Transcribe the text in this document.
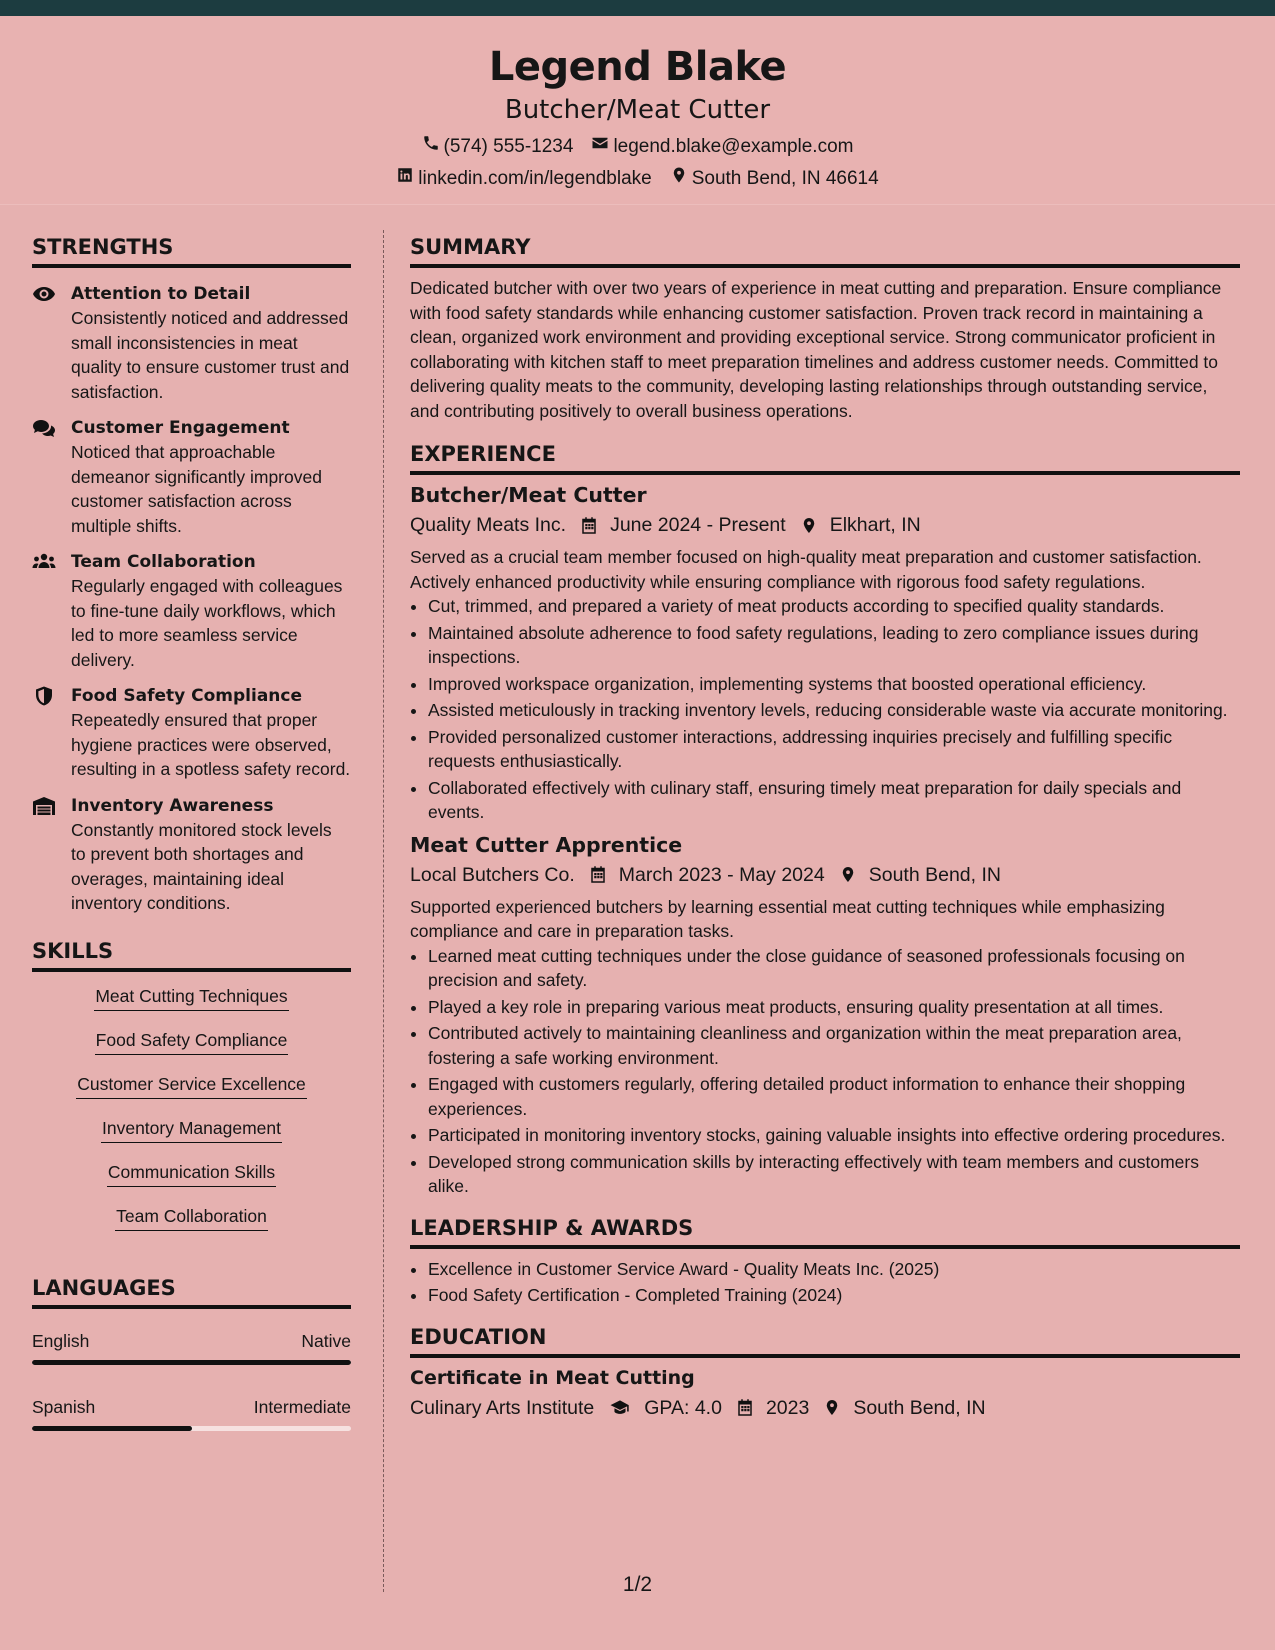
Legend Blake
Butcher/Meat Cutter
(574) 555-1234 legend.blake@example.com
linkedin.com/in/legendblake South Bend, IN 46614
STRENGTHS
Attention to Detail
Consistently noticed and addressed small inconsistencies in meat quality to ensure customer trust and satisfaction.
Customer Engagement
Noticed that approachable demeanor significantly improved customer satisfaction across multiple shifts.
Team Collaboration
Regularly engaged with colleagues to fine-tune daily workflows, which led to more seamless service delivery.
Food Safety Compliance
Repeatedly ensured that proper hygiene practices were observed, resulting in a spotless safety record.
Inventory Awareness
Constantly monitored stock levels to prevent both shortages and overages, maintaining ideal inventory conditions.
SKILLS
Meat Cutting Techniques
Food Safety Compliance
Customer Service Excellence
Inventory Management
Communication Skills
Team Collaboration
LANGUAGES
English	Native
Spanish	Intermediate
SUMMARY

Dedicated butcher with over two years of experience in meat cutting and preparation. Ensure compliance with food safety standards while enhancing customer satisfaction. Proven track record in maintaining a clean, organized work environment and providing exceptional service. Strong communicator proficient in collaborating with kitchen staff to meet preparation timelines and address customer needs. Committed to delivering quality meats to the community, developing lasting relationships through outstanding service, and contributing positively to overall business operations.

EXPERIENCE
Butcher/Meat Cutter
Quality Meats Inc. June 2024 - Present Elkhart, IN

Served as a crucial team member focused on high-quality meat preparation and customer satisfaction. Actively enhanced productivity while ensuring compliance with rigorous food safety regulations.

• Cut, trimmed, and prepared a variety of meat products according to specified quality standards.
• Maintained absolute adherence to food safety regulations, leading to zero compliance issues during inspections.
• Improved workspace organization, implementing systems that boosted operational efficiency.
• Assisted meticulously in tracking inventory levels, reducing considerable waste via accurate monitoring.
• Provided personalized customer interactions, addressing inquiries precisely and fulfilling specific requests enthusiastically.
• Collaborated effectively with culinary staff, ensuring timely meat preparation for daily specials and events.
Meat Cutter Apprentice
Local Butchers Co. March 2023 - May 2024 South Bend, IN

Supported experienced butchers by learning essential meat cutting techniques while emphasizing compliance and care in preparation tasks.

• Learned meat cutting techniques under the close guidance of seasoned professionals focusing on precision and safety.
• Played a key role in preparing various meat products, ensuring quality presentation at all times.
• Contributed actively to maintaining cleanliness and organization within the meat preparation area, fostering a safe working environment.
• Engaged with customers regularly, offering detailed product information to enhance their shopping experiences.
• Participated in monitoring inventory stocks, gaining valuable insights into effective ordering procedures.
• Developed strong communication skills by interacting effectively with team members and customers alike.
LEADERSHIP & AWARDS
• Excellence in Customer Service Award - Quality Meats Inc. (2025)
• Food Safety Certification - Completed Training (2024)
EDUCATION
Certificate in Meat Cutting
Culinary Arts Institute	GPA: 4.0 2023 South Bend, IN
1/2
